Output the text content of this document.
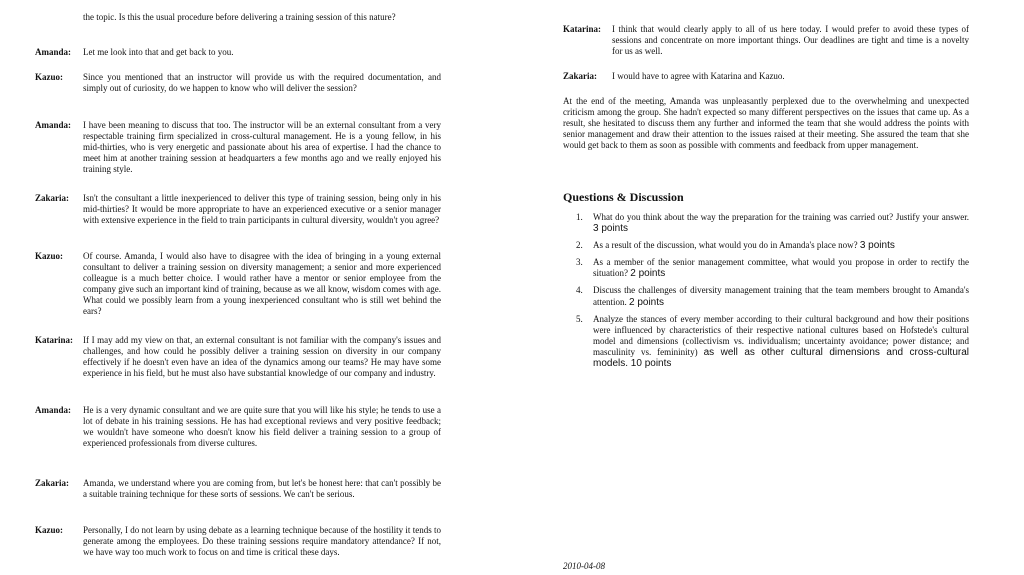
the topic. Is this the usual procedure before delivering a training session of this nature?
Amanda: Let me look into that and get back to you.
Kazuo: Since you mentioned that an instructor will provide us with the required documentation, and simply out of curiosity, do we happen to know who will deliver the session?
Amanda: I have been meaning to discuss that too. The instructor will be an external consultant from a very respectable training firm specialized in cross-cultural management. He is a young fellow, in his mid-thirties, who is very energetic and passionate about his area of expertise. I had the chance to meet him at another training session at headquarters a few months ago and we really enjoyed his training style.
Zakaria: Isn't the consultant a little inexperienced to deliver this type of training session, being only in his mid-thirties? It would be more appropriate to have an experienced executive or a senior manager with extensive experience in the field to train participants in cultural diversity, wouldn't you agree?
Kazuo: Of course. Amanda, I would also have to disagree with the idea of bringing in a young external consultant to deliver a training session on diversity management; a senior and more experienced colleague is a much better choice. I would rather have a mentor or senior employee from the company give such an important kind of training, because as we all know, wisdom comes with age. What could we possibly learn from a young inexperienced consultant who is still wet behind the ears?
Katarina: If I may add my view on that, an external consultant is not familiar with the company's issues and challenges, and how could he possibly deliver a training session on diversity in our company effectively if he doesn't even have an idea of the dynamics among our teams? He may have some experience in his field, but he must also have substantial knowledge of our company and industry.
Amanda: He is a very dynamic consultant and we are quite sure that you will like his style; he tends to use a lot of debate in his training sessions. He has had exceptional reviews and very positive feedback; we wouldn't have someone who doesn't know his field deliver a training session to a group of experienced professionals from diverse cultures.
Zakaria: Amanda, we understand where you are coming from, but let's be honest here: that can't possibly be a suitable training technique for these sorts of sessions. We can't be serious.
Kazuo: Personally, I do not learn by using debate as a learning technique because of the hostility it tends to generate among the employees. Do these training sessions require mandatory attendance? If not, we have way too much work to focus on and time is critical these days.
Katarina: I think that would clearly apply to all of us here today. I would prefer to avoid these types of sessions and concentrate on more important things. Our deadlines are tight and time is a novelty for us as well.
Zakaria: I would have to agree with Katarina and Kazuo.
At the end of the meeting, Amanda was unpleasantly perplexed due to the overwhelming and unexpected criticism among the group. She hadn't expected so many different perspectives on the issues that came up. As a result, she hesitated to discuss them any further and informed the team that she would address the points with senior management and draw their attention to the issues raised at their meeting. She assured the team that she would get back to them as soon as possible with comments and feedback from upper management.
Questions & Discussion
1. What do you think about the way the preparation for the training was carried out? Justify your answer. 3 points
2. As a result of the discussion, what would you do in Amanda's place now? 3 points
3. As a member of the senior management committee, what would you propose in order to rectify the situation? 2 points
4. Discuss the challenges of diversity management training that the team members brought to Amanda's attention. 2 points
5. Analyze the stances of every member according to their cultural background and how their positions were influenced by characteristics of their respective national cultures based on Hofstede's cultural model and dimensions (collectivism vs. individualism; uncertainty avoidance; power distance; and masculinity vs. femininity) as well as other cultural dimensions and cross-cultural models. 10 points
2010-04-08
